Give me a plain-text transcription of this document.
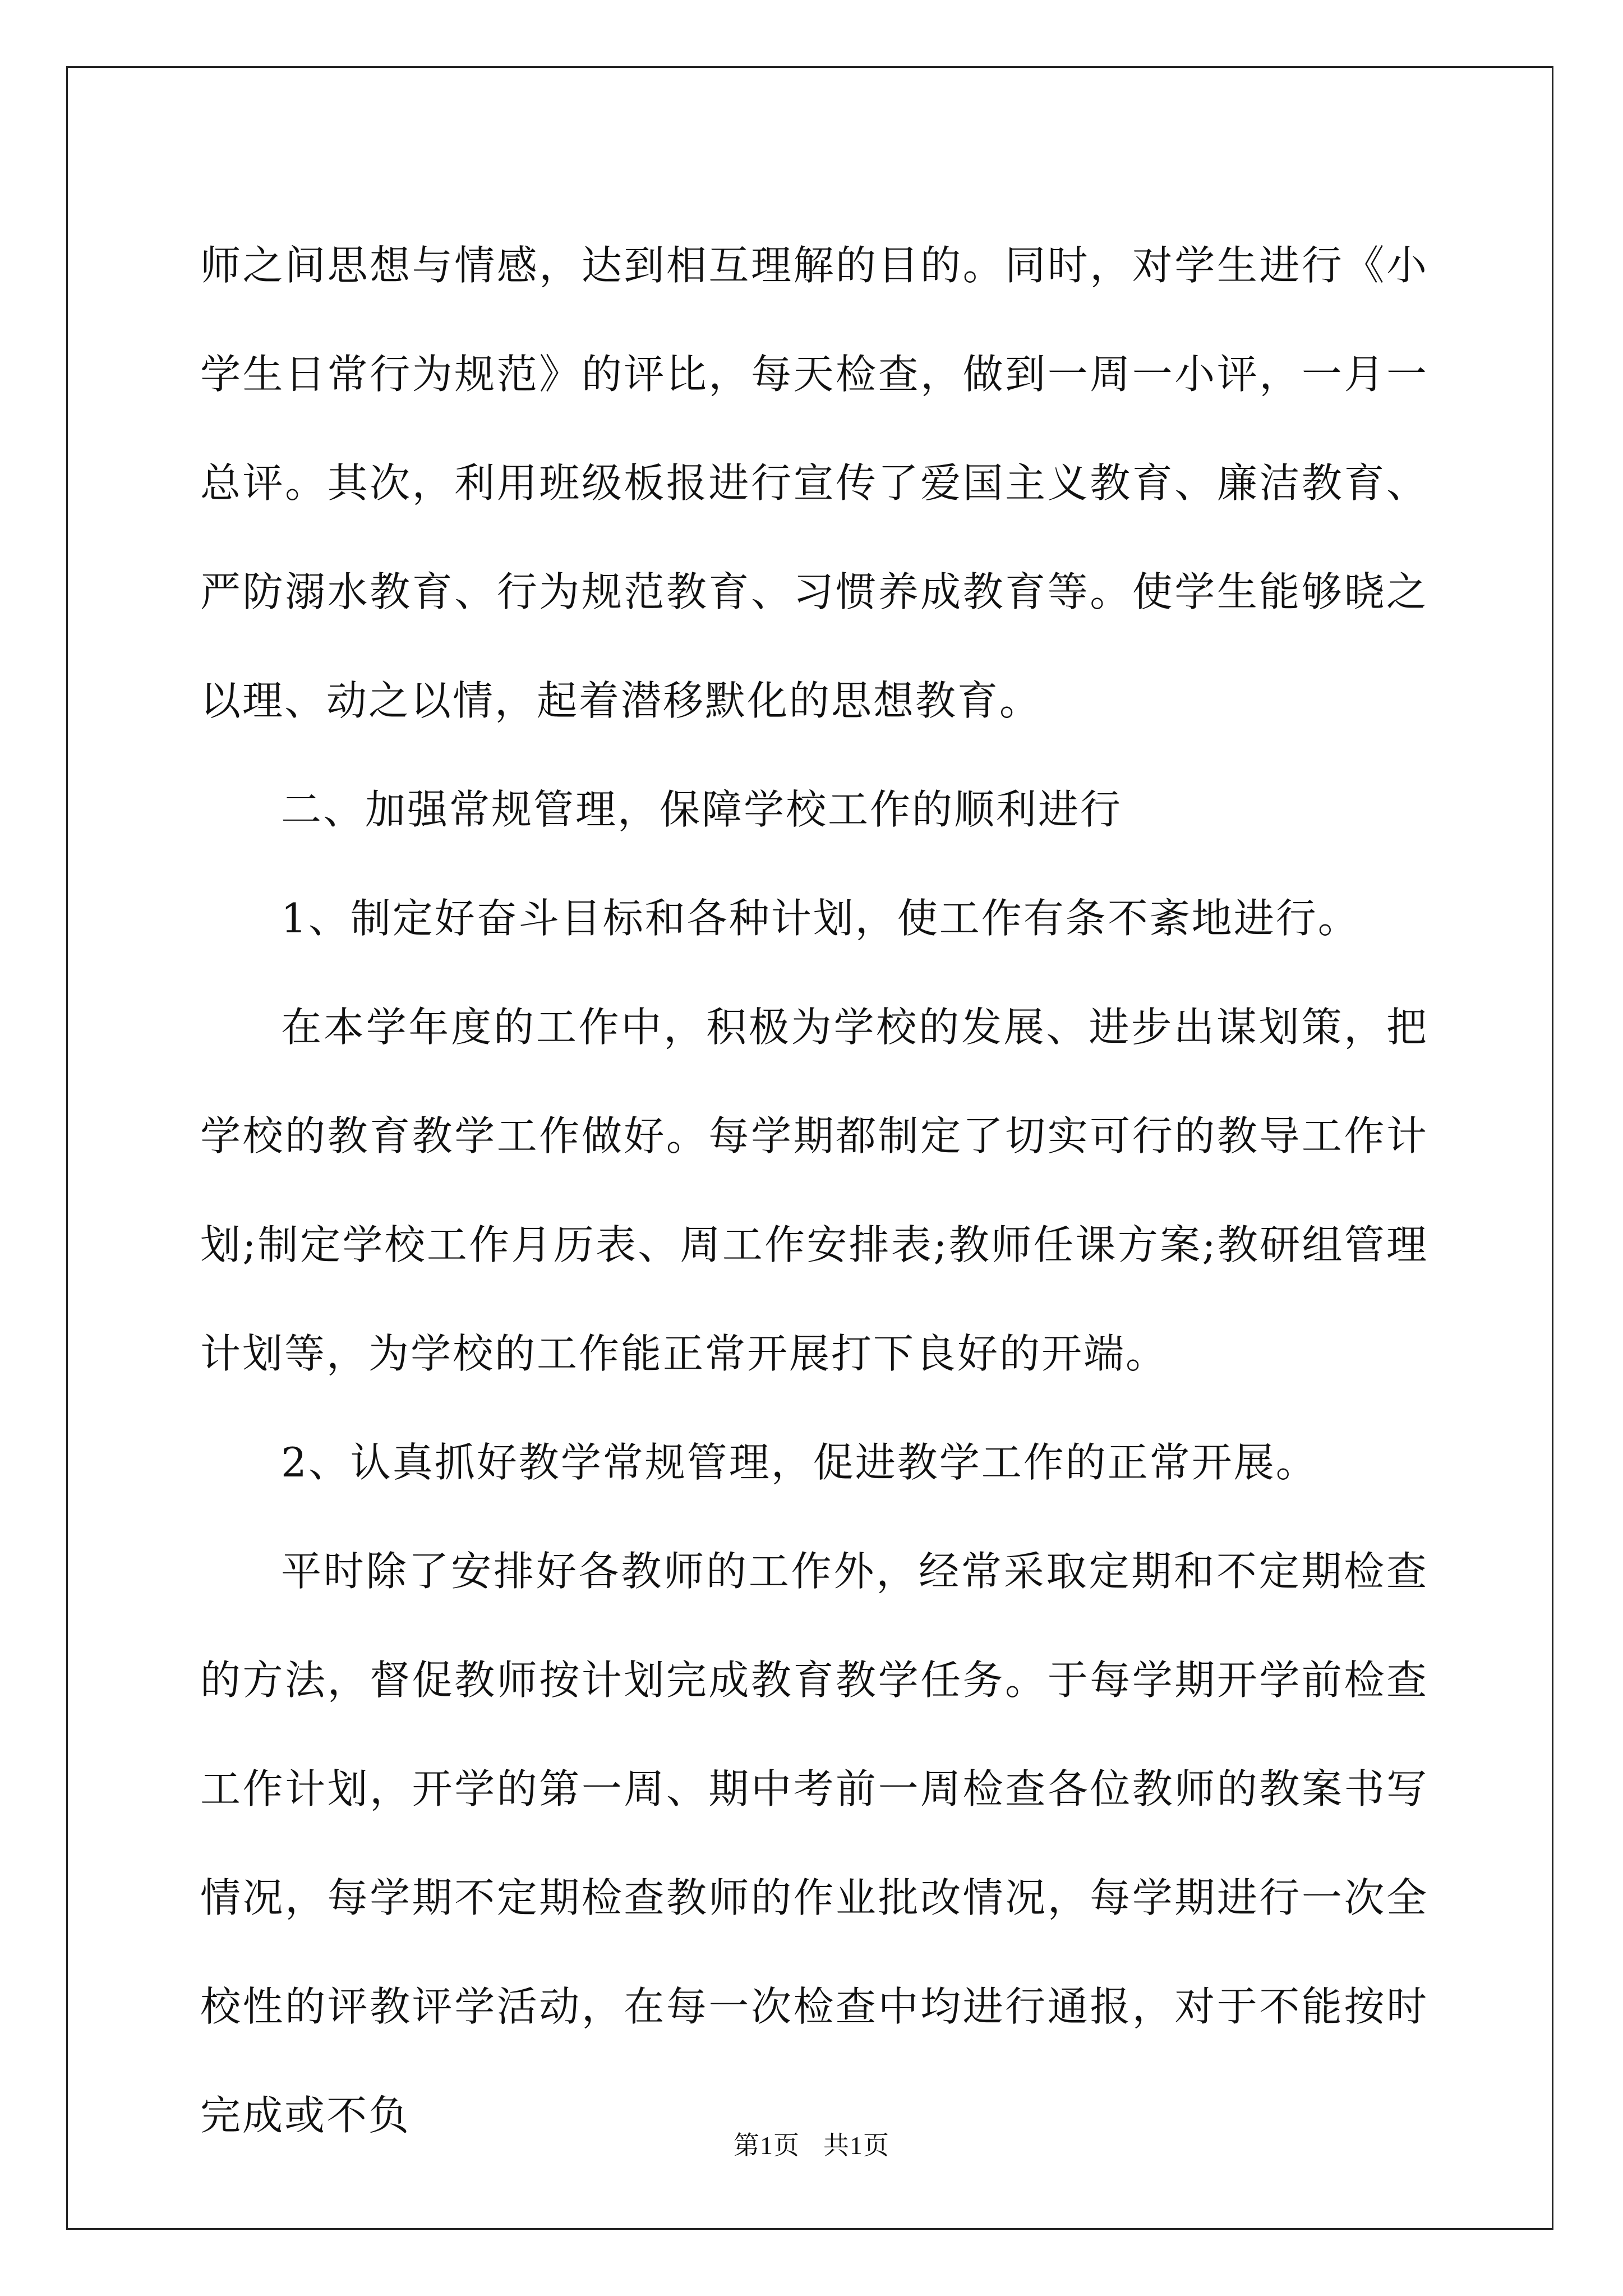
师之间思想与情感，达到相互理解的目的。同时，对学生进行《小学生日常行为规范》的评比，每天检查，做到一周一小评，一月一总评。其次，利用班级板报进行宣传了爱国主义教育、廉洁教育、严防溺水教育、行为规范教育、习惯养成教育等。使学生能够晓之以理、动之以情，起着潜移默化的思想教育。

二、加强常规管理，保障学校工作的顺利进行

1、制定好奋斗目标和各种计划，使工作有条不紊地进行。

在本学年度的工作中，积极为学校的发展、进步出谋划策，把学校的教育教学工作做好。每学期都制定了切实可行的教导工作计划;制定学校工作月历表、周工作安排表;教师任课方案;教研组管理计划等，为学校的工作能正常开展打下良好的开端。

2、认真抓好教学常规管理，促进教学工作的正常开展。

平时除了安排好各教师的工作外，经常采取定期和不定期检查的方法，督促教师按计划完成教育教学任务。于每学期开学前检查工作计划，开学的第一周、期中考前一周检查各位教师的教案书写情况，每学期不定期检查教师的作业批改情况，每学期进行一次全校性的评教评学活动，在每一次检查中均进行通报，对于不能按时完成或不负

第1页 共1页
